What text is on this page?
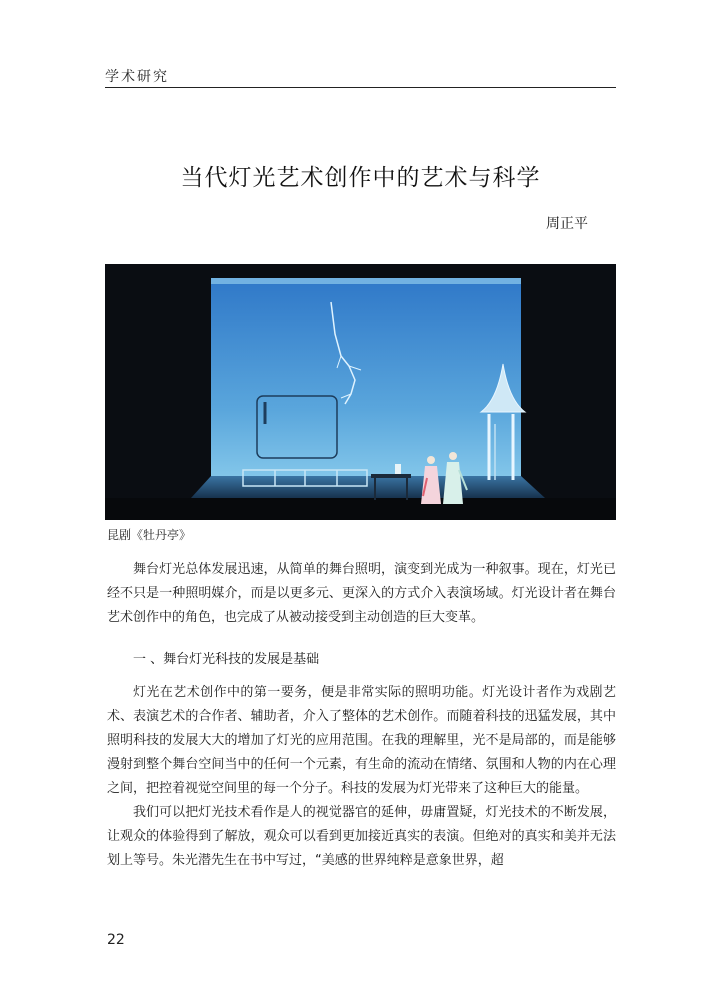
学术研究
当代灯光艺术创作中的艺术与科学
周正平
昆剧《牡丹亭》

舞台灯光总体发展迅速，从简单的舞台照明，演变到光成为一种叙事。现在，灯光已经不只是一种照明媒介，而是以更多元、更深入的方式介入表演场域。灯光设计者在舞台艺术创作中的角色，也完成了从被动接受到主动创造的巨大变革。

一 、舞台灯光科技的发展是基础

灯光在艺术创作中的第一要务，便是非常实际的照明功能。灯光设计者作为戏剧艺术、表演艺术的合作者、辅助者，介入了整体的艺术创作。而随着科技的迅猛发展，其中照明科技的发展大大的增加了灯光的应用范围。在我的理解里，光不是局部的，而是能够漫射到整个舞台空间当中的任何一个元素，有生命的流动在情绪、氛围和人物的内在心理之间，把控着视觉空间里的每一个分子。科技的发展为灯光带来了这种巨大的能量。

我们可以把灯光技术看作是人的视觉器官的延伸，毋庸置疑，灯光技术的不断发展，让观众的体验得到了解放，观众可以看到更加接近真实的表演。但绝对的真实和美并无法划上等号。朱光潜先生在书中写过，“美感的世界纯粹是意象世界，超

22
